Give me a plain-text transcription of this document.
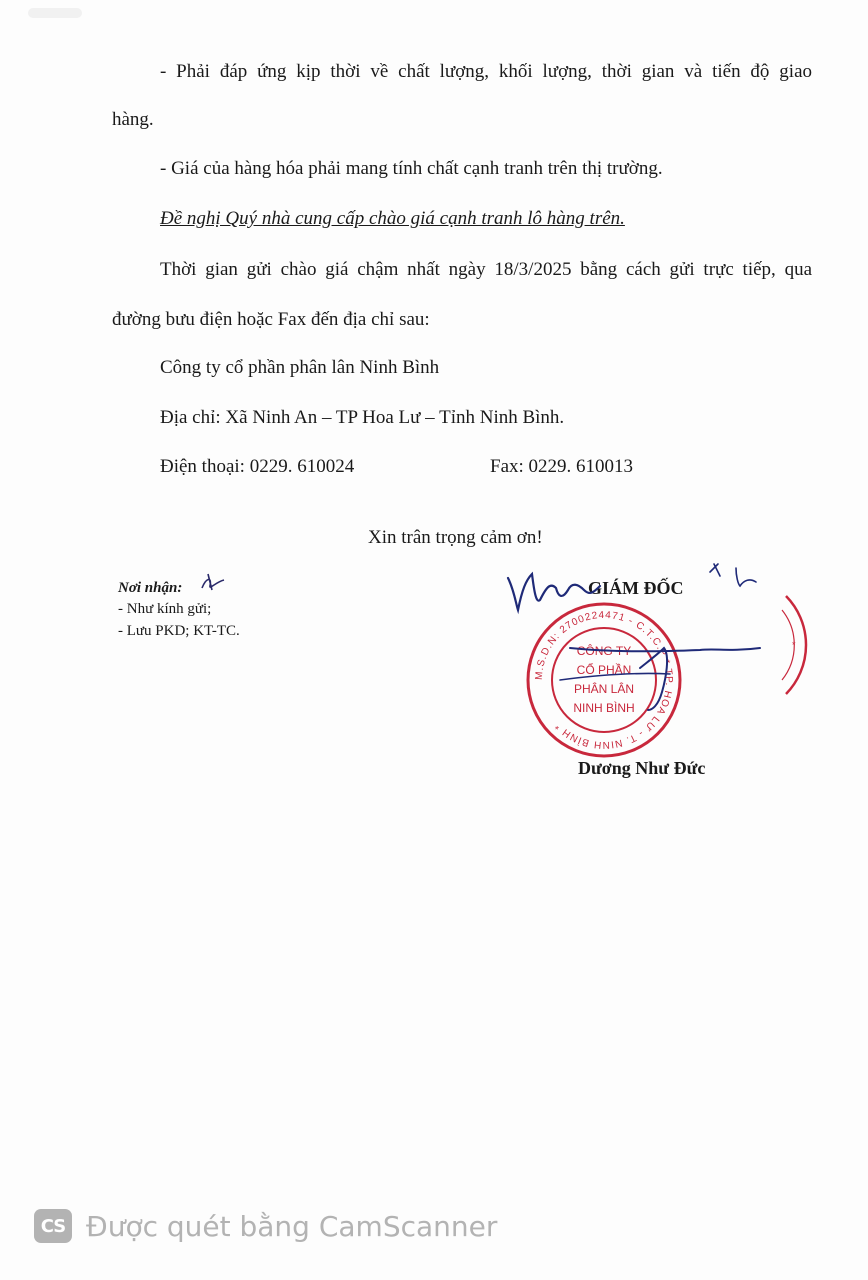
- Phải đáp ứng kịp thời về chất lượng, khối lượng, thời gian và tiến độ giao
hàng.
- Giá của hàng hóa phải mang tính chất cạnh tranh trên thị trường.
Đề nghị Quý nhà cung cấp chào giá cạnh tranh lô hàng trên.
Thời gian gửi chào giá chậm nhất ngày 18/3/2025 bằng cách gửi trực tiếp, qua
đường bưu điện hoặc Fax đến địa chỉ sau:
Công ty cổ phần phân lân Ninh Bình
Địa chỉ: Xã Ninh An – TP Hoa Lư – Tỉnh Ninh Bình.
Điện thoại: 0229. 610024	Fax: 0229. 610013
Xin trân trọng cảm ơn!
Nơi nhận:
- Như kính gửi;
- Lưu PKD; KT-TC.
M.S.D.N: 2700224471 - C.T.C.P * TP. HOA LƯ - T. NINH BÌNH *
CÔNG TY
CỔ PHẦN
PHÂN LÂN
NINH BÌNH
*
GIÁM ĐỐC
Dương Như Đức
CS Được quét bằng CamScanner
